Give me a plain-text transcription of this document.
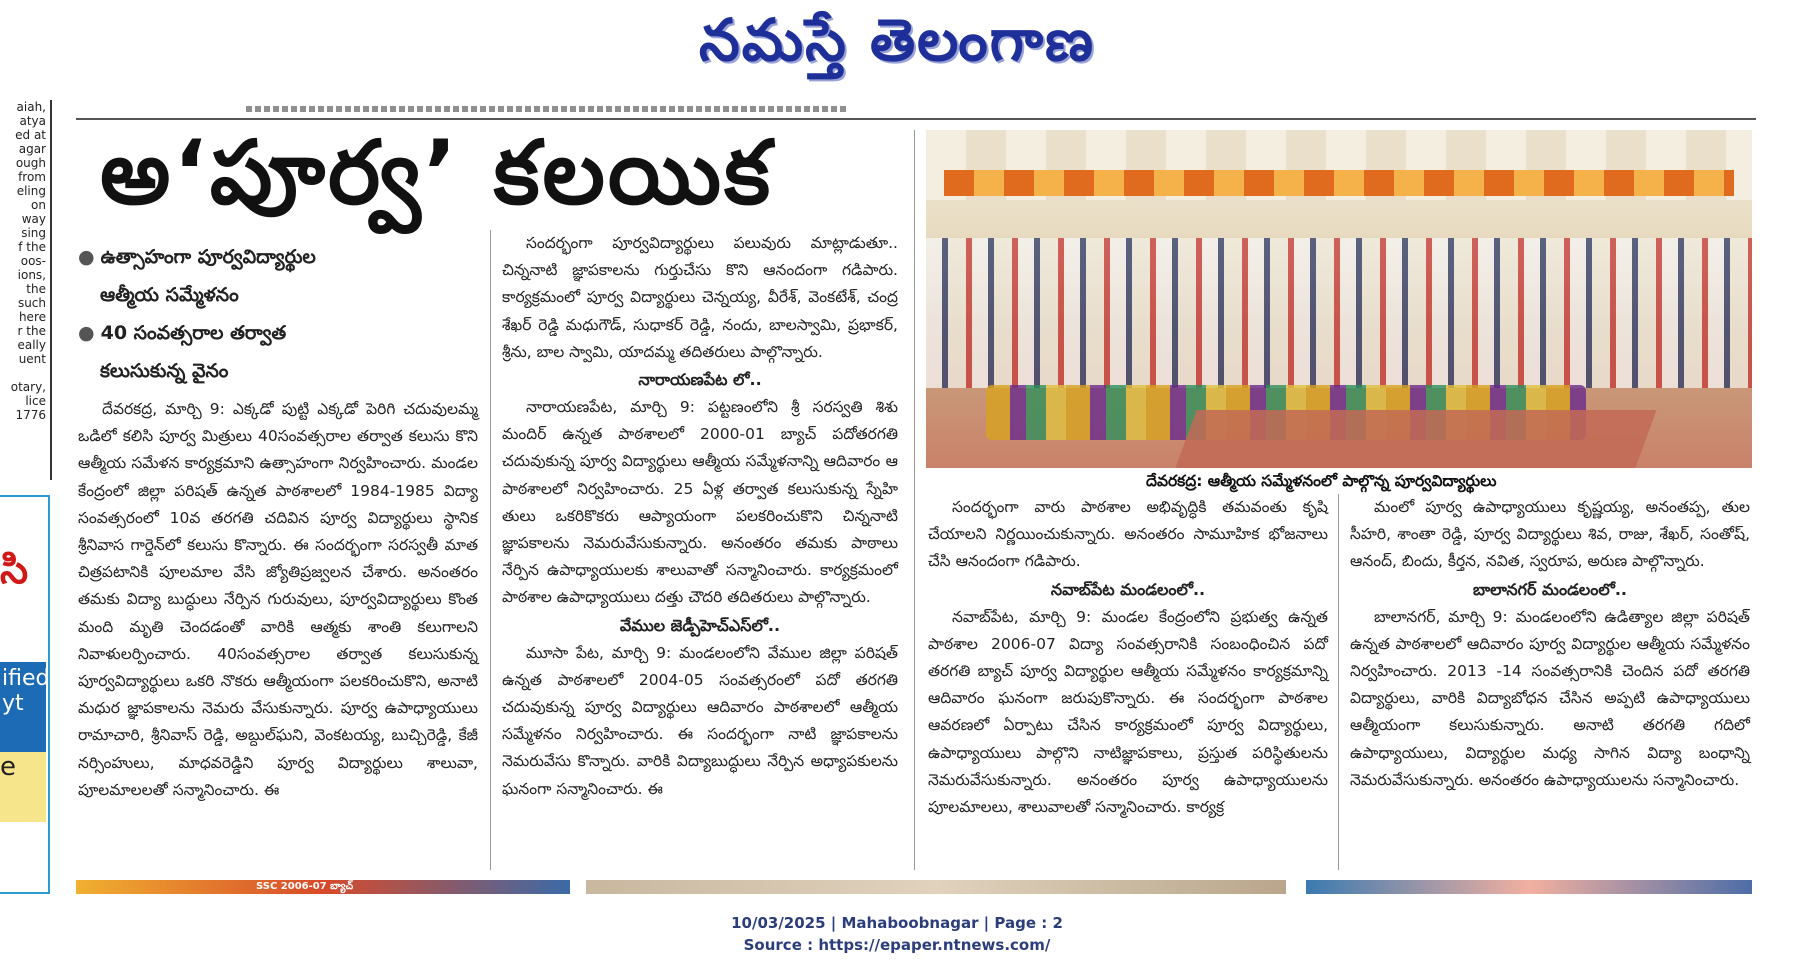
నమస్తే తెలంగాణ
aiah,
atya
ed at
agar
ough
from
eling
on
way
sing
f the
oos-
ions,
the
such
here
r the
eally
uent

otary,
lice
1776
సి
ified
yt
e
అ‘పూర్వ’ కలయిక
● ఉత్సాహంగా పూర్వవిద్యార్థుల
ఆత్మీయ సమ్మేళనం
● 40 సంవత్సరాల తర్వాత
కలుసుకున్న వైనం

దేవరకద్ర, మార్చి 9: ఎక్కడో పుట్టి ఎక్కడో పెరిగి చదువులమ్మ ఒడిలో కలిసి పూర్వ మిత్రులు 40సంవత్సరాల తర్వాత కలుసు కొని ఆత్మీయ సమేళన కార్యక్రమాని ఉత్సాహంగా నిర్వహించారు. మండల కేంద్రంలో జిల్లా పరిషత్ ఉన్నత పాఠశాలలో 1984-1985 విద్యా సంవత్సరంలో 10వ తరగతి చదివిన పూర్వ విద్యార్థులు స్థానిక శ్రీనివాస గార్డెన్‌లో కలుసు కొన్నారు. ఈ సందర్భంగా సరస్వతీ మాత చిత్రపటానికి పూలమాల వేసి జ్యోతిప్రజ్వలన చేశారు. అనంతరం తమకు విద్యా బుద్ధులు నేర్పిన గురువులు, పూర్వవిద్యార్థులు కొంత మంది మృతి చెందడంతో వారికి ఆత్మకు శాంతి కలుగాలని నివాళులర్పించారు. 40సంవత్సరాల తర్వాత కలుసుకున్న పూర్వవిద్యార్థులు ఒకరి నొకరు ఆత్మీయంగా పలకరించుకొని, అనాటి మధుర జ్ఞాపకాలను నెమరు వేసుకున్నారు. పూర్వ ఉపాధ్యాయులు రామాచారి, శ్రీనివాస్ రెడ్డి, అబ్దుల్‌ఘని, వెంకటయ్య, బుచ్చిరెడ్డి, కేజీ నర్సింహులు, మాధవరెడ్డిని పూర్వ విద్యార్థులు శాలువా, పూలమాలలతో సన్మానించారు. ఈ

సందర్భంగా పూర్వవిద్యార్థులు పలువురు మాట్లాడుతూ.. చిన్ననాటి జ్ఞాపకాలను గుర్తుచేసు కొని ఆనందంగా గడిపారు. కార్యక్రమంలో పూర్వ విద్యార్థులు చెన్నయ్య, వీరేశ్, వెంకటేశ్, చంద్ర శేఖర్ రెడ్డి మధుగౌడ్, సుధాకర్ రెడ్డి, నందు, బాలస్వామి, ప్రభాకర్, శ్రీను, బాల స్వామి, యాదమ్మ తదితరులు పాల్గొన్నారు.

నారాయణపేట లో..

నారాయణపేట, మార్చి 9: పట్టణంలోని శ్రీ సరస్వతి శిశు మందిర్ ఉన్నత పాఠశాలలో 2000-01 బ్యాచ్ పదోతరగతి చదువుకున్న పూర్వ విద్యార్థులు ఆత్మీయ సమ్మేళనాన్ని ఆదివారం ఆ పాఠశాలలో నిర్వహించారు. 25 ఏళ్ల తర్వాత కలుసుకున్న స్నేహి తులు ఒకరికొకరు ఆప్యాయంగా పలకరించుకొని చిన్ననాటి జ్ఞాపకాలను నెమరువేసుకున్నారు. అనంతరం తమకు పాఠాలు నేర్పిన ఉపాధ్యాయులకు శాలువాతో సన్మానించారు. కార్యక్రమంలో పాఠశాల ఉపాధ్యాయులు దత్తు చౌదరి తదితరులు పాల్గొన్నారు.

వేముల జెడ్పీహెచ్ఎస్‌లో..

మూసా పేట, మార్చి 9: మండలంలోని వేముల జిల్లా పరిషత్ ఉన్నత పాఠశాలలో 2004-05 సంవత్సరంలో పదో తరగతి చదువుకున్న పూర్వ విద్యార్థులు ఆదివారం పాఠశాలలో ఆత్మీయ సమ్మేళనం నిర్వహించారు. ఈ సందర్భంగా నాటి జ్ఞాపకాలను నెమరువేసు కొన్నారు. వారికి విద్యాబుద్ధులు నేర్పిన అధ్యాపకులను ఘనంగా సన్మానించారు. ఈ

దేవరకద్ర: ఆత్మీయ సమ్మేళనంలో పాల్గొన్న పూర్వవిద్యార్థులు

సందర్భంగా వారు పాఠశాల అభివృద్ధికి తమవంతు కృషి చేయాలని నిర్ణయించుకున్నారు. అనంతరం సామూహిక భోజనాలు చేసి ఆనందంగా గడిపారు.

నవాబ్‌పేట మండలంలో..

నవాబ్‌పేట, మార్చి 9: మండల కేంద్రంలోని ప్రభుత్వ ఉన్నత పాఠశాల 2006-07 విద్యా సంవత్సరానికి సంబంధించిన పదో తరగతి బ్యాచ్ పూర్వ విద్యార్థుల ఆత్మీయ సమ్మేళనం కార్యక్రమాన్ని ఆదివారం ఘనంగా జరుపుకొన్నారు. ఈ సందర్భంగా పాఠశాల ఆవరణలో ఏర్పాటు చేసిన కార్యక్రమంలో పూర్వ విద్యార్థులు, ఉపాధ్యాయులు పాల్గొని నాటిజ్ఞాపకాలు, ప్రస్తుత పరిస్థితులను నెమరువేసుకున్నారు. అనంతరం పూర్వ ఉపాధ్యాయులను పూలమాలలు, శాలువాలతో సన్మానించారు. కార్యక్ర

మంలో పూర్వ ఉపాధ్యాయులు కృష్ణయ్య, అనంతప్ప, తుల సీహరి, శాంతా రెడ్డి, పూర్వ విద్యార్థులు శివ, రాజు, శేఖర్, సంతోష్, ఆనంద్, బిందు, కీర్తన, నవిత, స్వరూప, అరుణ పాల్గొన్నారు.

బాలానగర్ మండలంలో..

బాలానగర్, మార్చి 9: మండలంలోని ఉడిత్యాల జిల్లా పరిషత్ ఉన్నత పాఠశాలలో ఆదివారం పూర్వ విద్యార్థుల ఆత్మీయ సమ్మేళనం నిర్వహించారు. 2013 -14 సంవత్సరానికి చెందిన పదో తరగతి విద్యార్థులు, వారికి విద్యాబోధన చేసిన అప్పటి ఉపాధ్యాయులు ఆత్మీయంగా కలుసుకున్నారు. అనాటి తరగతి గదిలో ఉపాధ్యాయులు, విద్యార్థుల మధ్య సాగిన విద్యా బంధాన్ని నెమరువేసుకున్నారు. అనంతరం ఉపాధ్యాయులను సన్మానించారు.

SSC 2006-07 బ్యాచ్
10/03/2025 | Mahaboobnagar | Page : 2
Source : https://epaper.ntnews.com/
